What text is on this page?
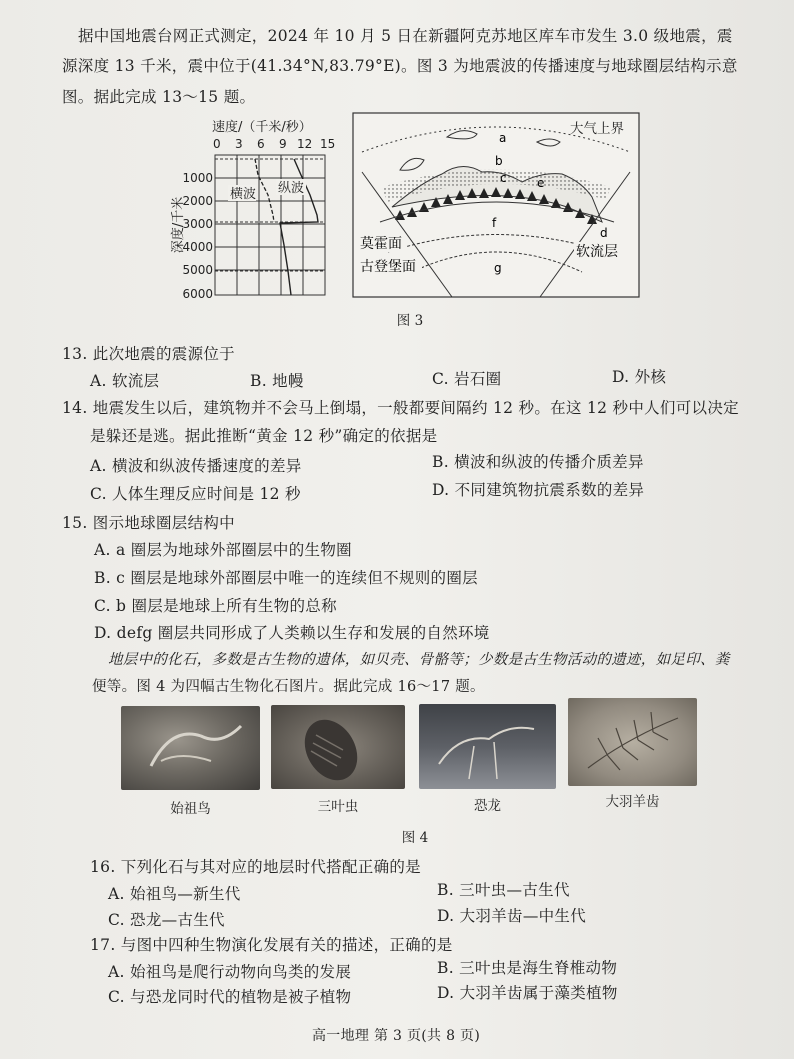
据中国地震台网正式测定，2024 年 10 月 5 日在新疆阿克苏地区库车市发生 3.0 级地震，震
源深度 13 千米，震中位于(41.34°N,83.79°E)。图 3 为地震波的传播速度与地球圈层结构示意
图。据此完成 13～15 题。
速度/（千米/秒）
0 3 6 9 12 15
1000
2000
3000
4000
5000
6000
深度/千米
横波 纵波
大气上界
a
b
c	e
d
f
g
莫霍面
古登堡面
软流层
图 3
13. 此次地震的震源位于
A. 软流层	B. 地幔	C. 岩石圈	D. 外核
14. 地震发生以后，建筑物并不会马上倒塌，一般都要间隔约 12 秒。在这 12 秒中人们可以决定
是躲还是逃。据此推断“黄金 12 秒”确定的依据是
A. 横波和纵波传播速度的差异	B. 横波和纵波的传播介质差异
C. 人体生理反应时间是 12 秒	D. 不同建筑物抗震系数的差异
15. 图示地球圈层结构中
A. a 圈层为地球外部圈层中的生物圈
B. c 圈层是地球外部圈层中唯一的连续但不规则的圈层
C. b 圈层是地球上所有生物的总称
D. defg 圈层共同形成了人类赖以生存和发展的自然环境
地层中的化石，多数是古生物的遗体，如贝壳、骨骼等；少数是古生物活动的遗迹，如足印、粪
便等。图 4 为四幅古生物化石图片。据此完成 16～17 题。
始祖鸟	三叶虫	恐龙	大羽羊齿
图 4
16. 下列化石与其对应的地层时代搭配正确的是
A. 始祖鸟—新生代	B. 三叶虫—古生代
C. 恐龙—古生代	D. 大羽羊齿—中生代
17. 与图中四种生物演化发展有关的描述，正确的是
A. 始祖鸟是爬行动物向鸟类的发展	B. 三叶虫是海生脊椎动物
C. 与恐龙同时代的植物是被子植物	D. 大羽羊齿属于藻类植物
高一地理 第 3 页(共 8 页)
